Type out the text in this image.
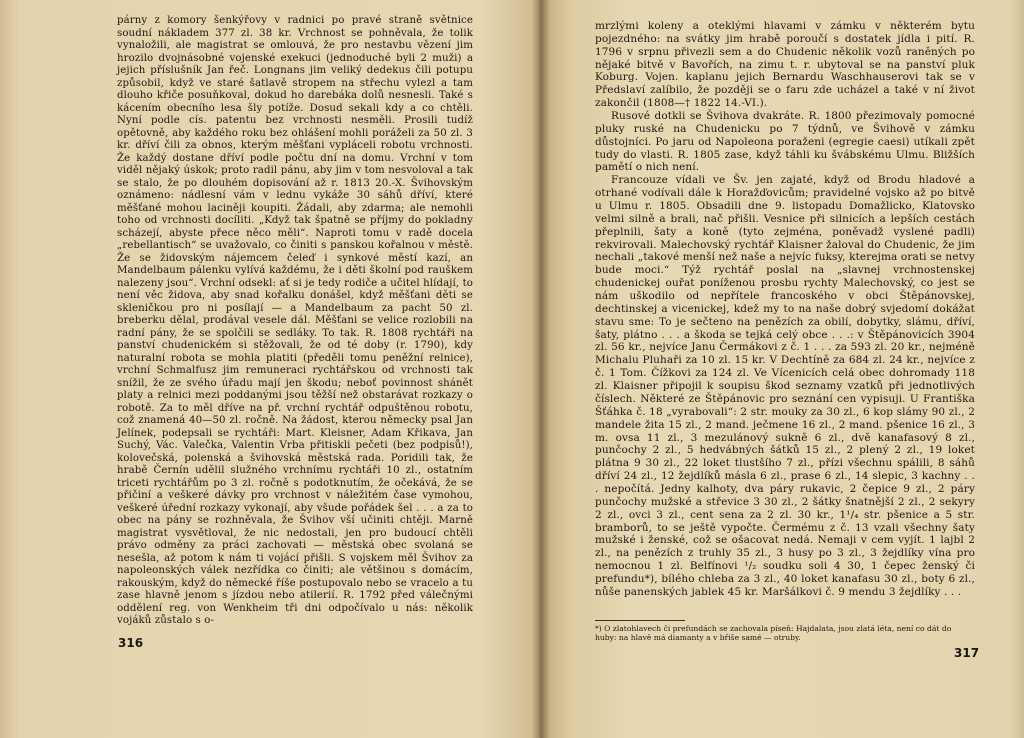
párny z komory šenkýřovy v radnici po pravé straně světnice soudní nákladem 377 zl. 38 kr. Vrchnost se pohněvala, že tolik vynaložili, ale magistrat se omlouvá, že pro nestavbu vězení jim hrozilo dvojnásobné vojenské exekuci (jednoduché byli 2 muži) a jejich příslušník Jan řeč. Longnans jim veliký dedekus čili potupu způsobil, když ve staré šatlavě stropem na střechu vylezl a tam dlouho křiče posuňkoval, dokud ho darebáka dolů nesnesli. Také s kácením obecního lesa šly potíže. Dosud sekali kdy a co chtěli. Nyní podle cís. patentu bez vrchnosti nesměli. Prosili tudíž opětovně, aby každého roku bez ohlášení mohli poráželi za 50 zl. 3 kr. dříví čili za obnos, kterým měšťani vypláceli robotu vrchnosti. Že každý dostane dříví podle počtu dní na domu. Vrchní v tom viděl nějaký úskok; proto radil pánu, aby jim v tom nesvoloval a tak se stalo, že po dlouhém dopisování až r. 1813 20.-X. Švihovským oznámeno: nádlesní vám v lednu vykáže 30 sáhů dříví, které měšťané mohou laciněji koupiti. Žádali, aby zdarma; ale nemohli toho od vrchnosti docíliti. „Když tak špatně se příjmy do pokladny scházejí, abyste přece něco měli“. Naproti tomu v radě docela „rebellantisch“ se uvažovalo, co činiti s panskou kořalnou v městě. Že se židovským nájemcem čeleď i synkové městí kazí, an Mandelbaum pálenku vylívá každému, že i děti školní pod rauškem nalezeny jsou“. Vrchní odsekl: ať si je tedy rodiče a učitel hlídají, to není věc židova, aby snad kořalku donášel, když měšťani děti se skleničkou pro ni posílají — a Mandelbaum za pacht 50 zl. breberku dělal, prodával vesele dál. Měšťani se velice rozlobili na radní pány, že se spolčili se sedláky. To tak. R. 1808 rychtáři na panství chudenickém si stěžovali, že od té doby (r. 1790), kdy naturalní robota se mohla platiti (předěli tomu peněžní relnice), vrchní Schmalfusz jim remuneraci rychtářskou od vrchnosti tak snížil, že ze svého úřadu mají jen škodu; neboť povinnost shánět platy a relnici mezi poddanými jsou těžší než obstarávat rozkazy o robotě. Za to měl dříve na př. vrchní rychtář odpuštěnou robotu, což znamená 40—50 zl. ročně. Na žádost, kterou německy psal Jan Jelínek, podepsali se rychtáři: Mart. Kleisner, Adam Křikava, Jan Suchý, Vác. Valečka, Valentin Vrba přitiskli pečeti (bez podpisů!), kolovečská, polenská a švihovská městská rada. Poridili tak, že hrabě Černín udělil služného vrchnímu rychtáři 10 zl., ostatním triceti rychtářům po 3 zl. ročně s podotknutím, že očekává, že se přičiní a veškeré dávky pro vrchnost v náležitém čase vymohou, veškeré úřední rozkazy vykonají, aby všude pořádek šel . . . a za to obec na pány se rozhněvala, že Švihov vší učiniti chtěji. Marně magistrat vysvětloval, že nic nedostali, jen pro budoucí chtěli právo odměny za práci zachovati — městská obec svolaná se nesešla, až potom k nám ti vojácí přišli. S vojskem měl Švihov za napoleonských válek nezřídka co činiti; ale většinou s domácím, rakouským, když do německé říše postupovalo nebo se vracelo a tu zase hlavně jenom s jízdou nebo atilerií. R. 1792 před válečnými oddělení reg. von Wenkheim tři dni odpočívalo u nás: několik vojáků zůstalo s o-

316

mrzlými koleny a oteklými hlavami v zámku v některém bytu pojezdného: na svátky jim hrabě poroučí s dostatek jídla i pití. R. 1796 v srpnu přivezli sem a do Chudenic několik vozů raněných po nějaké bitvě v Bavořích, na zimu t. r. ubytoval se na panství pluk Koburg. Vojen. kaplanu jejich Bernardu Waschhauserovi tak se v Předslaví zalíbilo, že později se o faru zde ucházel a také v ní život zakončil (1808—† 1822 14.-VI.).

Rusové dotkli se Švihova dvakráte. R. 1800 přezimovaly pomocné pluky ruské na Chudenicku po 7 týdnů, ve Švihově v zámku důstojníci. Po jaru od Napoleona poraženi (egregie caesi) utíkali zpět tudy do vlasti. R. 1805 zase, když táhli ku švábskému Ulmu. Bližších pamětí o nich není.

Francouze vídali ve Šv. jen zajaté, když od Brodu hladové a otrhané vodívali dále k Horažďovicům; pravidelné vojsko až po bitvě u Ulmu r. 1805. Obsadili dne 9. listopadu Domažlicko, Klatovsko velmi silně a brali, nač přišli. Vesnice při silnicích a lepších cestách přeplnili, šaty a koně (tyto zejména, poněvadž vyslené padli) rekvirovali. Malechovský rychtář Klaisner žaloval do Chudenic, že jim nechali „takové menší než naše a nejvíc fuksy, kterejma orati se netvy bude moci.“ Týž rychtář poslal na „slavnej vrchnostenskej chudenickej ouřat poníženou prosbu rychty Malechovský, co jest se nám uškodilo od nepřítele francoského v obci Štěpánovskej, dechtinskej a vicenickej, kdež my to na naše dobrý svjedomí dokážat stavu sme: To je sečteno na penězích za obilí, dobytky, slámu, dříví, šaty, plátno . . . a škoda se tejká celý obce . . .: v Štěpánovicích 3904 zl. 56 kr., nejvíce Janu Čermákovi z č. 1 . . . za 593 zl. 20 kr., nejméně Michalu Pluhaři za 10 zl. 15 kr. V Dechtíně za 684 zl. 24 kr., nejvíce z č. 1 Tom. Čížkovi za 124 zl. Ve Vícenicích celá obec dohromady 118 zl. Klaisner připojil k soupisu škod seznamy vzatků při jednotlivých číslech. Některé ze Štěpánovic pro seznání cen vypisuji. U Františka Šťáhka č. 18 „vyrabovali“: 2 str. mouky za 30 zl., 6 kop slámy 90 zl., 2 mandele žita 15 zl., 2 mand. ječmene 16 zl., 2 mand. pšenice 16 zl., 3 m. ovsa 11 zl., 3 mezulánový sukně 6 zl., dvě kanafasový 8 zl., punčochy 2 zl., 5 hedvábných šátků 15 zl., 2 plený 2 zl., 19 loket plátna 9 30 zl., 22 loket tlustšího 7 zl., přízi všechnu spálili, 8 sáhů dříví 24 zl., 12 žejdlíků másla 6 zl., prase 6 zl., 14 slepic, 3 kachny . . . nepočítá. Jedny kalhoty, dva páry rukavic, 2 čepice 9 zl., 2 páry punčochy mužské a střevice 3 30 zl., 2 šátky šnatnější 2 zl., 2 sekyry 2 zl., ovci 3 zl., cent sena za 2 zl. 30 kr., 1¹/₄ str. pšenice a 5 str. bramborů, to se ještě vypočte. Čermému z č. 13 vzali všechny šaty mužské i ženské, což se ošacovat nedá. Nemaji v cem vyjít. 1 lajbl 2 zl., na penězích z truhly 35 zl., 3 husy po 3 zl., 3 žejdlíky vína pro nemocnou 1 zl. Belfínovi ¹/₂ soudku soli 4 30, 1 čepec ženský či prefundu*), bílého chleba za 3 zl., 40 loket kanafasu 30 zl., boty 6 zl., nůše panenských jablek 45 kr. Maršálkovi č. 9 mendu 3 žejdlíky . . .

*) O zlatohlavech či prefundách se zachovala píseň: Hajdalata, jsou zlatá léta, není co dát do huby: na hlavě má diamanty a v břiše samé — otruby.
317
